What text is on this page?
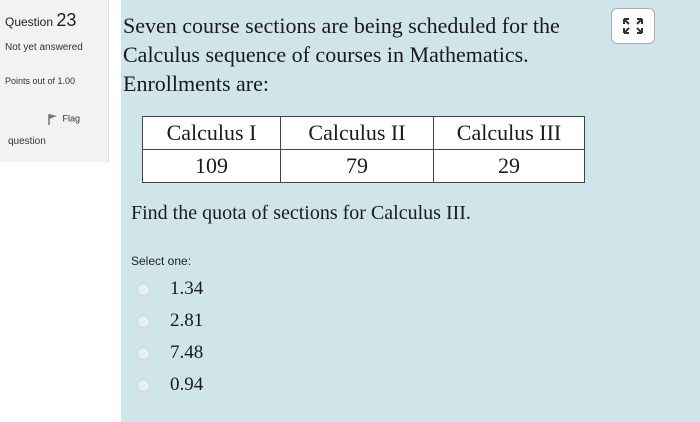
Question 23
Not yet answered
Points out of 1.00
Flag
question
Seven course sections are being scheduled for the
Calculus sequence of courses in Mathematics.
Enrollments are:
Calculus I	Calculus II	Calculus III
109	79	29
Find the quota of sections for Calculus III.
Select one:
1.34
2.81
7.48
0.94
